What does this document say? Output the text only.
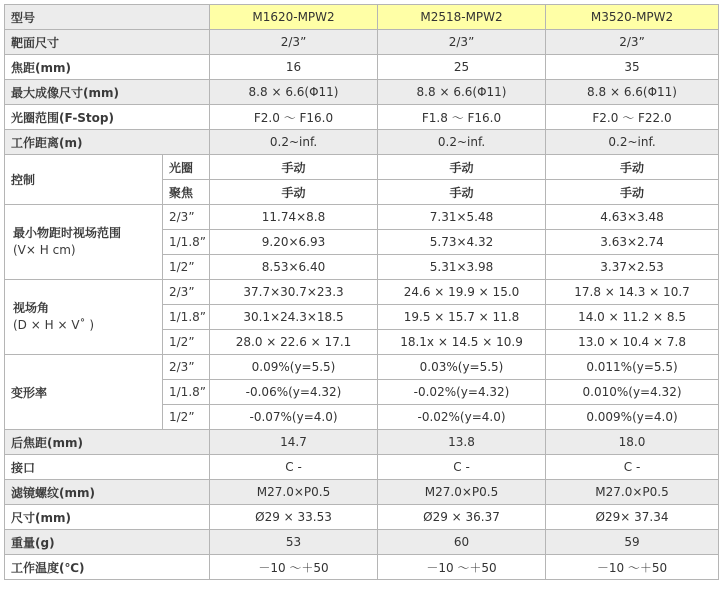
型号		M1620-MPW2	M2518-MPW2	M3520-MPW2
靶面尺寸		2/3”	2/3”	2/3”
焦距(mm)		16	25	35
最大成像尺寸(mm)		8.8 × 6.6(Φ11)	8.8 × 6.6(Φ11)	8.8 × 6.6(Φ11)
光圈范围(F-Stop)		F2.0 ～ F16.0	F1.8 ～ F16.0	F2.0 ～ F22.0
工作距离(m)		0.2~inf.	0.2~inf.	0.2~inf.
控制	光圈	手动	手动	手动
	聚焦	手动	手动	手动

最小物距时视场范围
(V× H cm)	2/3”	11.74×8.8	7.31×5.48	4.63×3.48
	1/1.8”	9.20×6.93	5.73×4.32	3.63×2.74
	1/2”	8.53×6.40	5.31×3.98	3.37×2.53

视场角
(D × H × V˚ )	2/3”	37.7×30.7×23.3	24.6 × 19.9 × 15.0	17.8 × 14.3 × 10.7
	1/1.8”	30.1×24.3×18.5	19.5 × 15.7 × 11.8	14.0 × 11.2 × 8.5
	1/2”	28.0 × 22.6 × 17.1	18.1x × 14.5 × 10.9	13.0 × 10.4 × 7.8
变形率	2/3”	0.09%(y=5.5)	0.03%(y=5.5)	0.011%(y=5.5)
	1/1.8”	-0.06%(y=4.32)	-0.02%(y=4.32)	0.010%(y=4.32)
	1/2”	-0.07%(y=4.0)	-0.02%(y=4.0)	0.009%(y=4.0)
后焦距(mm)		14.7	13.8	18.0
接口		C -	C -	C -
滤镜螺纹(mm)		M27.0×P0.5	M27.0×P0.5	M27.0×P0.5
尺寸(mm)		Ø29 × 33.53	Ø29 × 36.37	Ø29× 37.34
重量(g)		53	60	59
工作温度(℃)		－10 ～＋50	－10 ～＋50	－10 ～＋50
